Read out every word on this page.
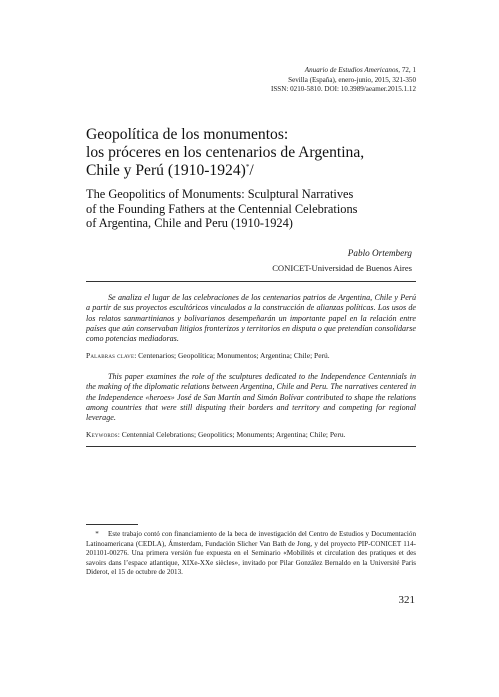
Anuario de Estudios Americanos, 72, 1
Sevilla (España), enero-junio, 2015, 321-350
ISSN: 0210-5810. DOI: 10.3989/aeamer.2015.1.12
Geopolítica de los monumentos:
los próceres en los centenarios de Argentina,
Chile y Perú (1910-1924)*/
The Geopolitics of Monuments: Sculptural Narratives
of the Founding Fathers at the Centennial Celebrations
of Argentina, Chile and Peru (1910-1924)
Pablo Ortemberg
CONICET-Universidad de Buenos Aires
Se analiza el lugar de las celebraciones de los centenarios patrios de Argentina, Chile y Perú a partir de sus proyectos escultóricos vinculados a la construcción de alianzas políticas. Los usos de los relatos sanmartinianos y bolivarianos desempeñarán un importante papel en la relación entre países que aún conservaban litigios fronterizos y territorios en disputa o que pretendían consolidarse como potencias mediadoras.
Palabras clave: Centenarios; Geopolítica; Monumentos; Argentina; Chile; Perú.
This paper examines the role of the sculptures dedicated to the Independence Centennials in the making of the diplomatic relations between Argentina, Chile and Peru. The narratives centered in the Independence «heroes» José de San Martín and Simón Bolívar contributed to shape the relations among countries that were still disputing their borders and territory and competing for regional leverage.
Keywords: Centennial Celebrations; Geopolitics; Monuments; Argentina; Chile; Peru.
* Este trabajo contó con financiamiento de la beca de investigación del Centro de Estudios y Documentación Latinoamericana (CEDLA), Ámsterdam, Fundación Slicher Van Bath de Jong, y del proyecto PIP-CONICET 114-201101-00276. Una primera versión fue expuesta en el Seminario «Mobilités et circulation des pratiques et des savoirs dans l’espace atlantique, XIXe-XXe siècles», invitado por Pilar González Bernaldo en la Université Paris Diderot, el 15 de octubre de 2013.
321
